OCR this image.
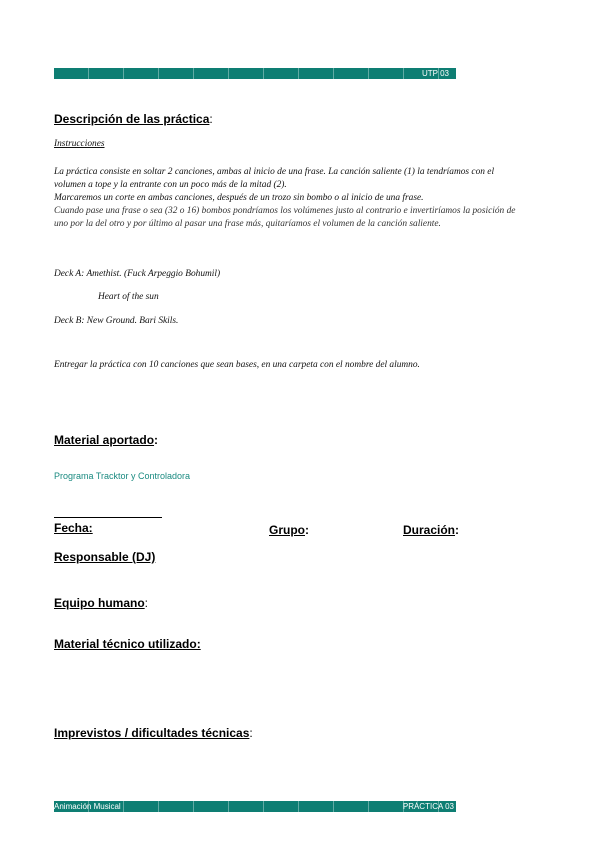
UTP 03
Descripción de las práctica:
Instrucciones
La práctica consiste en soltar 2 canciones, ambas al inicio de una frase. La canción saliente (1) la tendríamos con el
volumen a tope y la entrante con un poco más de la mitad (2).
Marcaremos un corte en ambas canciones, después de un trozo sin bombo o al inicio de una frase.
Cuando pase una frase o sea (32 o 16) bombos pondríamos los volúmenes justo al contrario e invertiríamos la posición de
uno por la del otro y por último al pasar una frase más, quitaríamos el volumen de la canción saliente.
Deck A: Amethist. (Fuck Arpeggio Bohumil)
Heart of the sun
Deck B: New Ground. Bari Skils.
Entregar la práctica con 10 canciones que sean bases, en una carpeta con el nombre del alumno.
Material aportado:
Programa Tracktor y Controladora
Fecha:	Grupo:	Duración:
Responsable (DJ)
Equipo humano:
Material técnico utilizado:
Imprevistos / dificultades técnicas:
Animación Musical	PRÁCTICA 03
